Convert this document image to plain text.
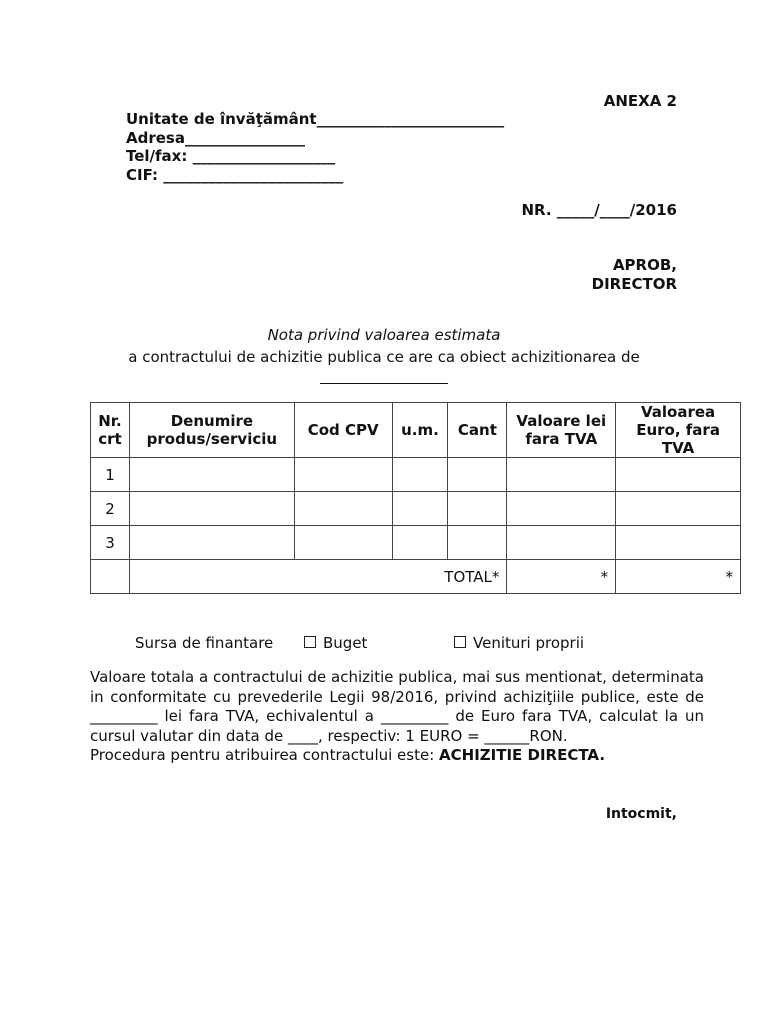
ANEXA 2
Unitate de învăţământ_________________________
Adresa________________
Tel/fax: ___________________
CIF: ________________________
NR. _____/____/2016
APROB,
DIRECTOR
Nota privind valoarea estimata
a contractului de achizitie publica ce are ca obiect achizitionarea de
Nr. crt	Denumire produs/serviciu	Cod CPV	u.m.	Cant	Valoare lei fara TVA	Valoarea Euro, fara TVA
1						
2						
3						
	TOTAL*				*	*
Sursa de finantare	Buget	Venituri proprii

Valoare totala a contractului de achizitie publica, mai sus mentionat, determinata in conformitate cu prevederile Legii 98/2016, privind achiziţiile publice, este de _________ lei fara TVA, echivalentul a _________ de Euro fara TVA, calculat la un cursul valutar din data de ____, respectiv: 1 EURO = ______RON.

Procedura pentru atribuirea contractului este: ACHIZITIE DIRECTA.

Intocmit,
